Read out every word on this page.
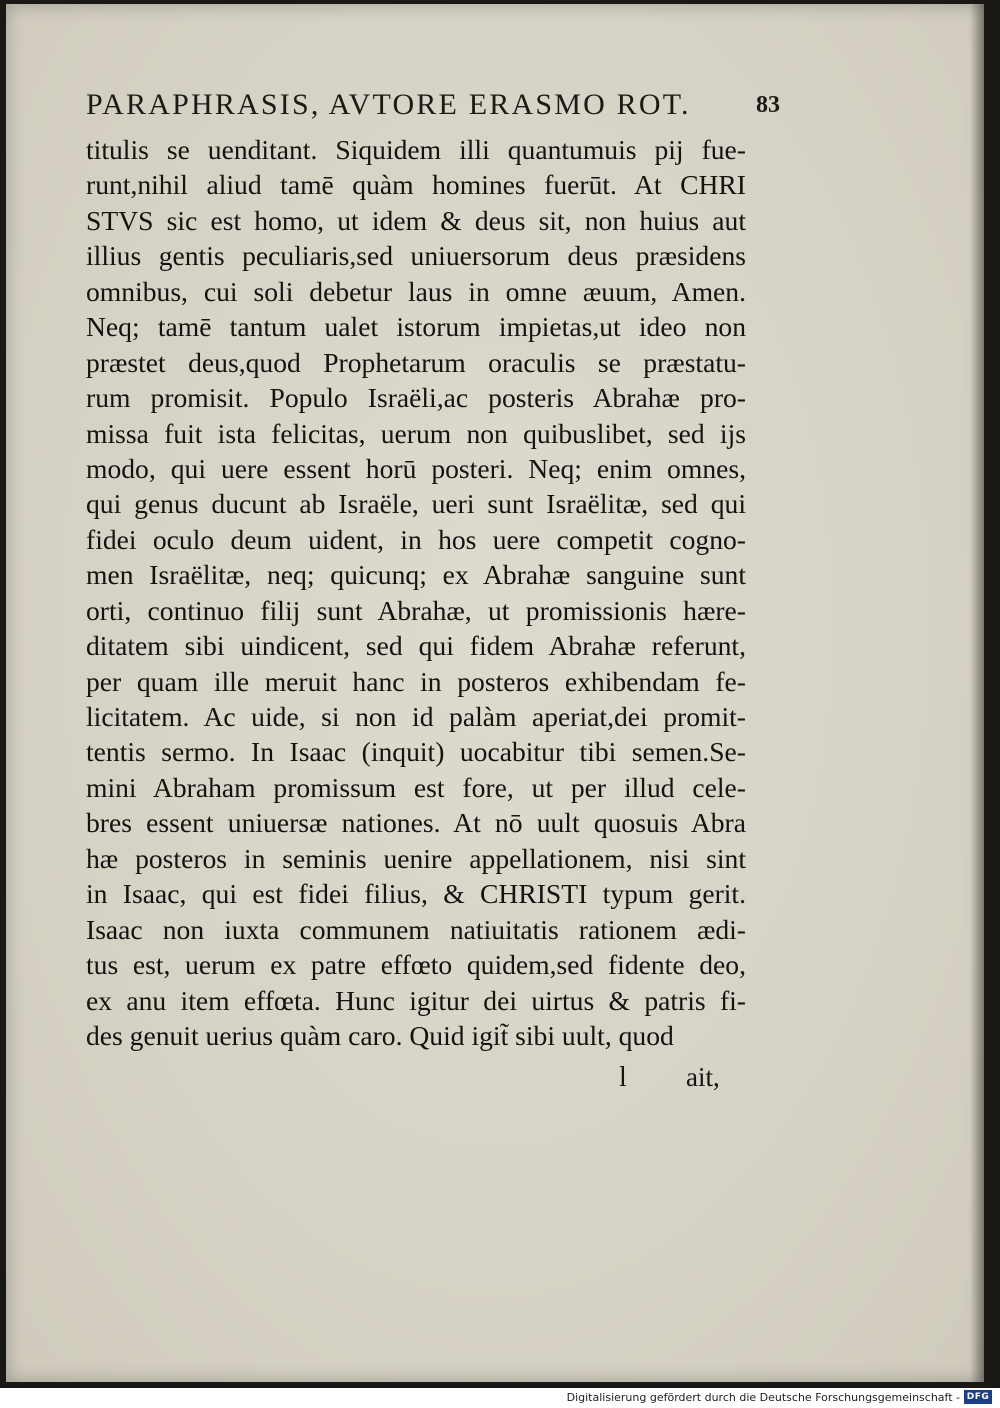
PARAPHRASIS, AVTORE ERASMO ROT.	83
titulis se uenditant. Siquidem illi quantumuis pij fue-
runt,nihil aliud tamē quàm homines fuerūt. At CHRI
STVS sic est homo, ut idem & deus sit, non huius aut
illius gentis peculiaris,sed uniuersorum deus præsidens
omnibus, cui soli debetur laus in omne æuum, Amen.
Neq; tamē tantum ualet istorum impietas,ut ideo non
præstet deus,quod Prophetarum oraculis se præstatu-
rum promisit. Populo Israëli,ac posteris Abrahæ pro-
missa fuit ista felicitas, uerum non quibuslibet, sed ijs
modo, qui uere essent horū posteri. Neq; enim omnes,
qui genus ducunt ab Israële, ueri sunt Israëlitæ, sed qui
fidei oculo deum uident, in hos uere competit cogno-
men Israëlitæ, neq; quicunq; ex Abrahæ sanguine sunt
orti, continuo filij sunt Abrahæ, ut promissionis hære-
ditatem sibi uindicent, sed qui fidem Abrahæ referunt,
per quam ille meruit hanc in posteros exhibendam fe-
licitatem. Ac uide, si non id palàm aperiat,dei promit-
tentis sermo. In Isaac (inquit) uocabitur tibi semen.Se-
mini Abraham promissum est fore, ut per illud cele-
bres essent uniuersæ nationes. At nō uult quosuis Abra
hæ posteros in seminis uenire appellationem, nisi sint
in Isaac, qui est fidei filius, & CHRISTI typum gerit.
Isaac non iuxta communem natiuitatis rationem ædi-
tus est, uerum ex patre effœto quidem,sed fidente deo,
ex anu item effœta. Hunc igitur dei uirtus & patris fi-
des genuit uerius quàm caro. Quid igit̃ sibi uult, quod
l ait,
Digitalisierung gefördert durch die Deutsche Forschungsgemeinschaft - DFG
